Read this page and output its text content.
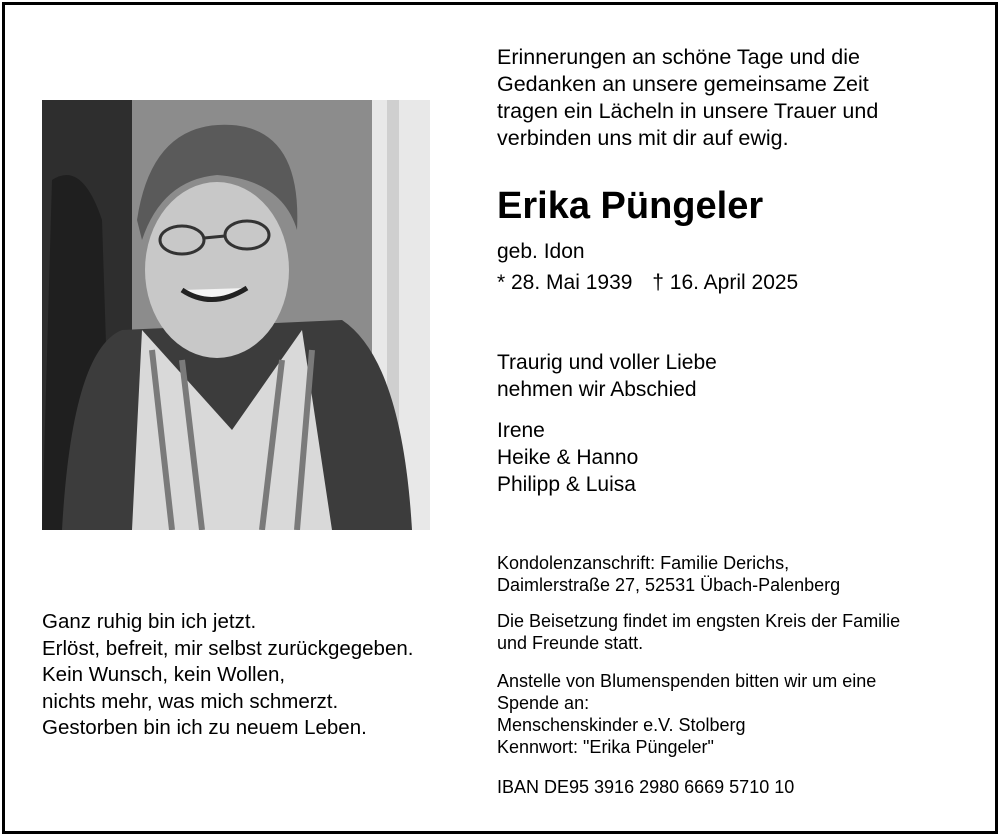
Erinnerungen an schöne Tage und die
Gedanken an unsere gemeinsame Zeit
tragen ein Lächeln in unsere Trauer und
verbinden uns mit dir auf ewig.
Erika Püngeler
geb. Idon
* 28. Mai 1939 † 16. April 2025
Traurig und voller Liebe
nehmen wir Abschied
Irene
Heike & Hanno
Philipp & Luisa
Ganz ruhig bin ich jetzt.
Erlöst, befreit, mir selbst zurückgegeben.
Kein Wunsch, kein Wollen,
nichts mehr, was mich schmerzt.
Gestorben bin ich zu neuem Leben.
Kondolenzanschrift: Familie Derichs,
Daimlerstraße 27, 52531 Übach-Palenberg
Die Beisetzung findet im engsten Kreis der Familie
und Freunde statt.
Anstelle von Blumenspenden bitten wir um eine
Spende an:
Menschenskinder e.V. Stolberg
Kennwort: "Erika Püngeler"
IBAN DE95 3916 2980 6669 5710 10
